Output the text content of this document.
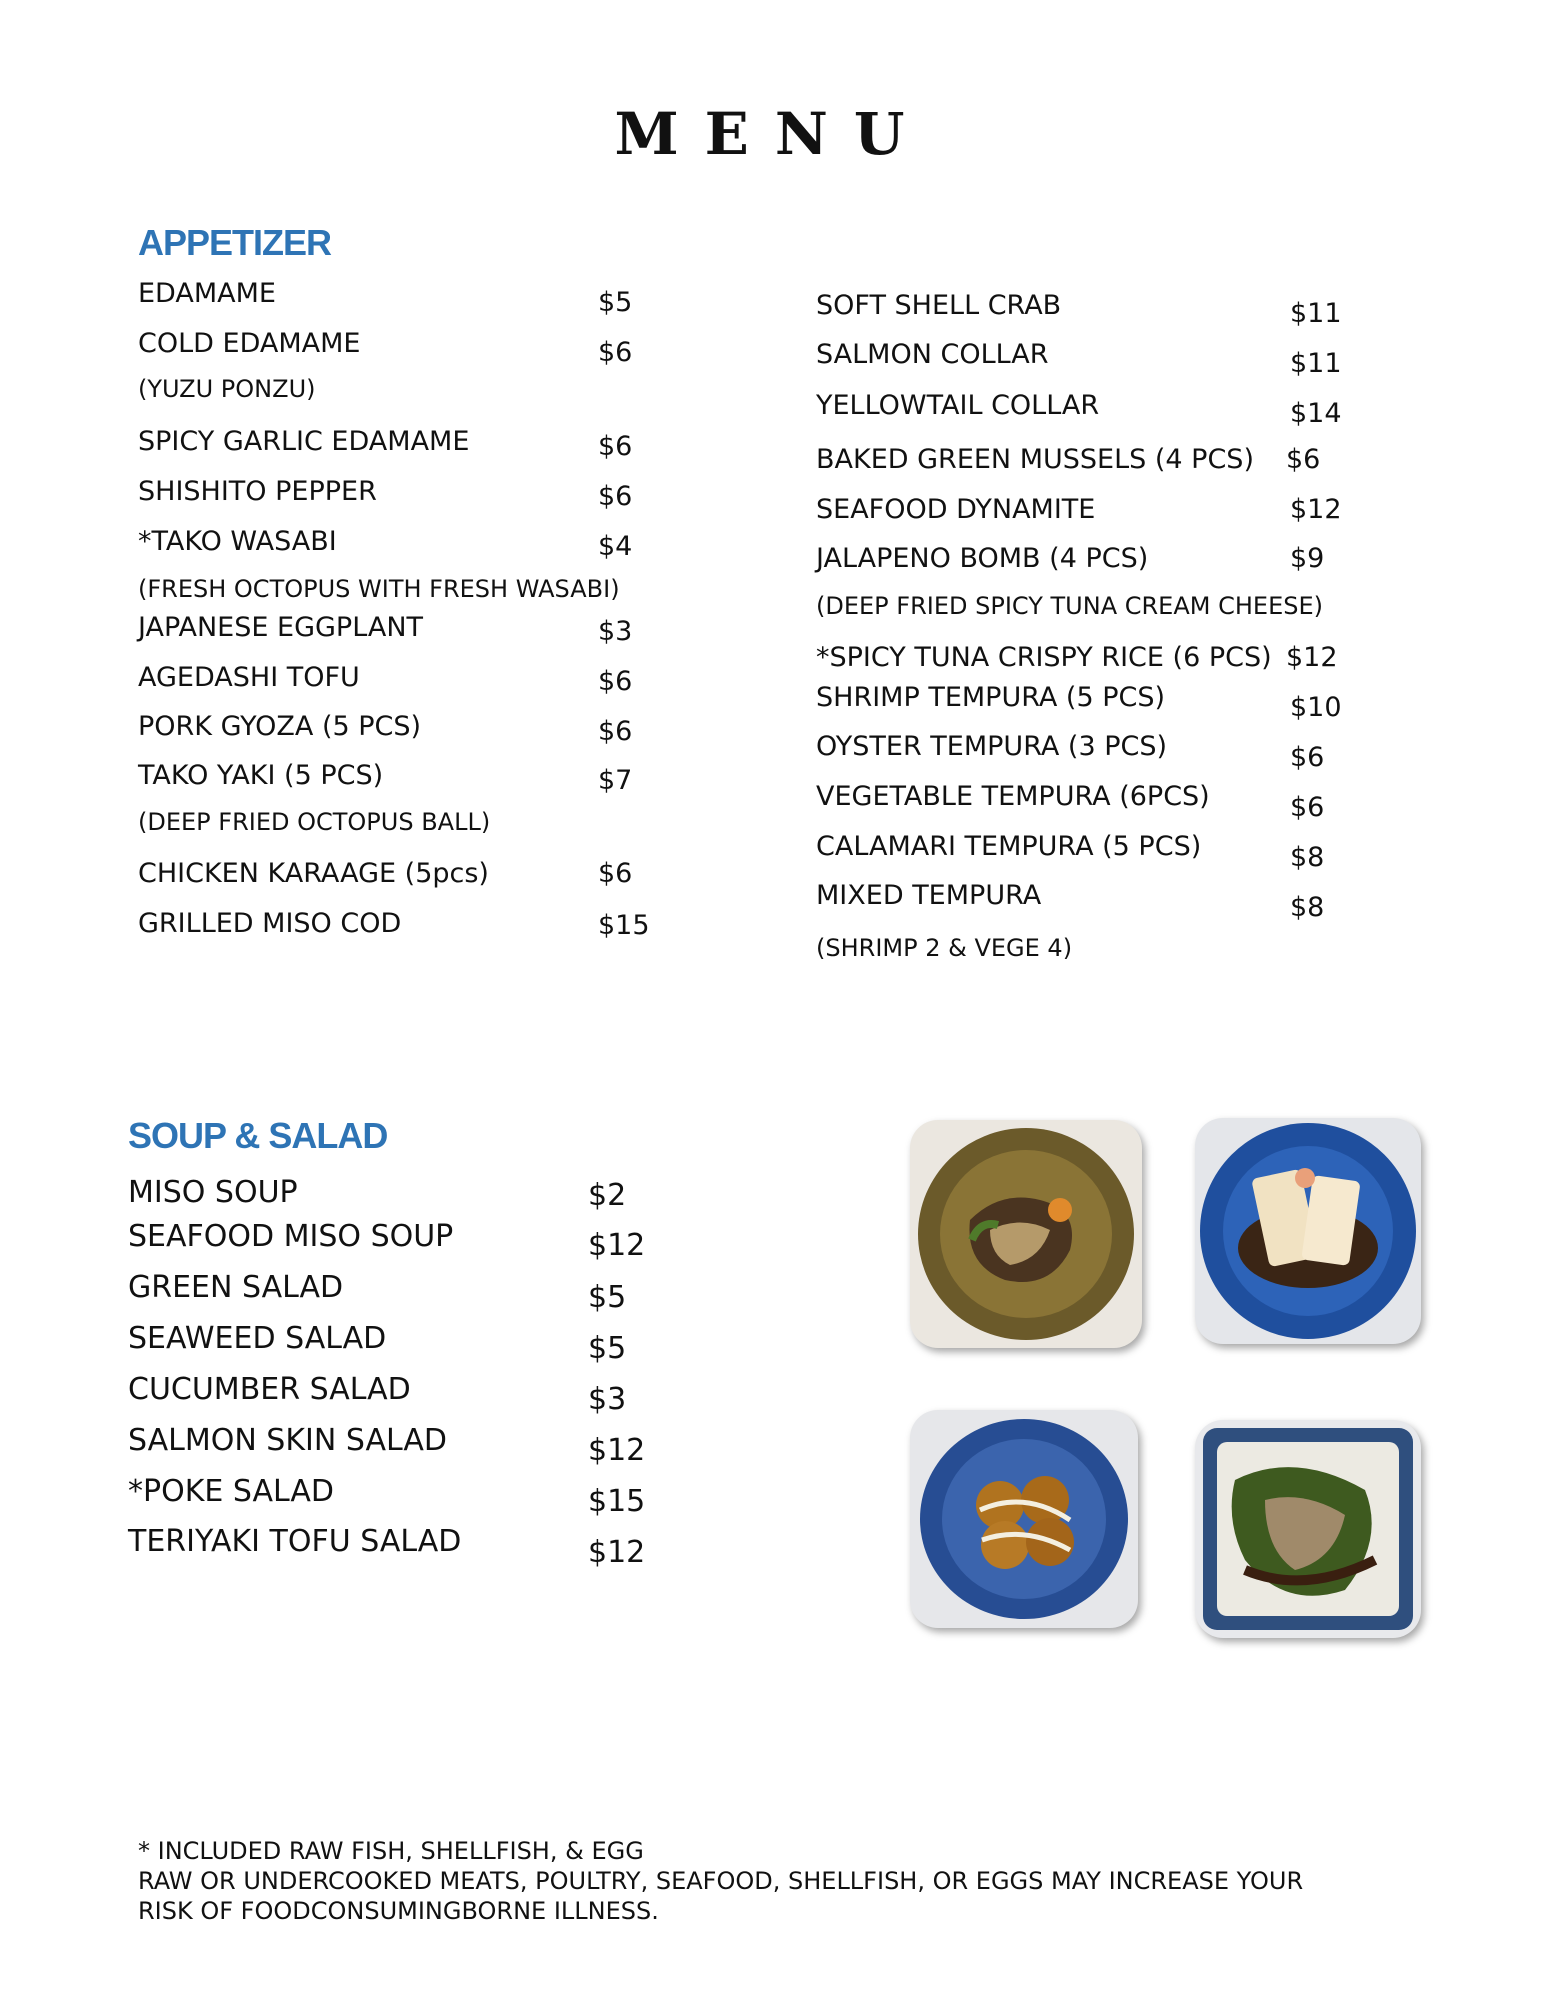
MENU
APPETIZER
EDAMAME	$5
COLD EDAMAME	$6
(YUZU PONZU)
SPICY GARLIC EDAMAME	$6
SHISHITO PEPPER	$6
*TAKO WASABI	$4
(FRESH OCTOPUS WITH FRESH WASABI)
JAPANESE EGGPLANT	$3
AGEDASHI TOFU	$6
PORK GYOZA (5 PCS)	$6
TAKO YAKI (5 PCS)	$7
(DEEP FRIED OCTOPUS BALL)
CHICKEN KARAAGE (5pcs)	$6
GRILLED MISO COD	$15
SOFT SHELL CRAB	$11
SALMON COLLAR	$11
YELLOWTAIL COLLAR	$14
BAKED GREEN MUSSELS (4 PCS) $6
SEAFOOD DYNAMITE	$12
JALAPENO BOMB (4 PCS)	$9
(DEEP FRIED SPICY TUNA CREAM CHEESE)
*SPICY TUNA CRISPY RICE (6 PCS) $12
SHRIMP TEMPURA (5 PCS)	$10
OYSTER TEMPURA (3 PCS)	$6
VEGETABLE TEMPURA (6PCS)	$6
CALAMARI TEMPURA (5 PCS)	$8
MIXED TEMPURA	$8
(SHRIMP 2 & VEGE 4)
SOUP & SALAD
MISO SOUP	$2
SEAFOOD MISO SOUP	$12
GREEN SALAD	$5
SEAWEED SALAD	$5
CUCUMBER SALAD	$3
SALMON SKIN SALAD	$12
*POKE SALAD	$15
TERIYAKI TOFU SALAD	$12
* INCLUDED RAW FISH, SHELLFISH, & EGG
RAW OR UNDERCOOKED MEATS, POULTRY, SEAFOOD, SHELLFISH, OR EGGS MAY INCREASE YOUR
RISK OF FOODCONSUMINGBORNE ILLNESS.
